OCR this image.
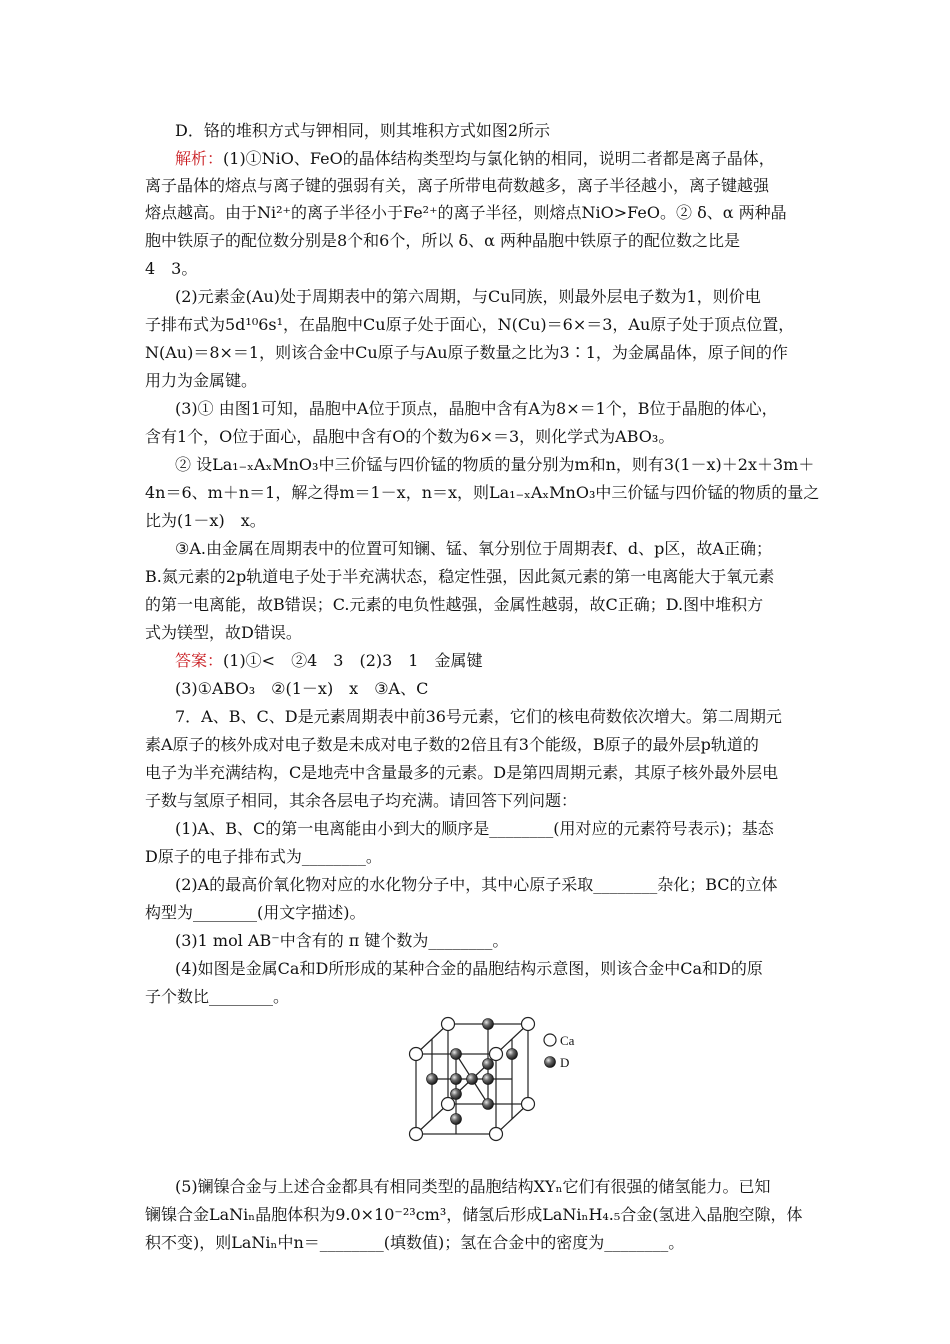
D．铬的堆积方式与钾相同，则其堆积方式如图2所示
解析：(1)①NiO、FeO的晶体结构类型均与氯化钠的相同，说明二者都是离子晶体，
离子晶体的熔点与离子键的强弱有关，离子所带电荷数越多，离子半径越小，离子键越强
熔点越高。由于Ni²⁺的离子半径小于Fe²⁺的离子半径，则熔点NiO>FeO。② δ、α 两种晶
胞中铁原子的配位数分别是8个和6个，所以 δ、α 两种晶胞中铁原子的配位数之比是
4　3。
(2)元素金(Au)处于周期表中的第六周期，与Cu同族，则最外层电子数为1，则价电
子排布式为5d¹⁰6s¹，在晶胞中Cu原子处于面心，N(Cu)＝6×＝3，Au原子处于顶点位置，
N(Au)＝8×＝1，则该合金中Cu原子与Au原子数量之比为3∶1，为金属晶体，原子间的作
用力为金属键。
(3)① 由图1可知，晶胞中A位于顶点，晶胞中含有A为8×＝1个，B位于晶胞的体心，
含有1个，O位于面心，晶胞中含有O的个数为6×＝3，则化学式为ABO₃。
② 设La₁₋ₓAₓMnO₃中三价锰与四价锰的物质的量分别为m和n，则有3(1－x)＋2x＋3m＋
4n＝6、m＋n＝1，解之得m＝1－x，n＝x，则La₁₋ₓAₓMnO₃中三价锰与四价锰的物质的量之
比为(1－x)　x。
③A.由金属在周期表中的位置可知镧、锰、氧分别位于周期表f、d、p区，故A正确；
B.氮元素的2p轨道电子处于半充满状态，稳定性强，因此氮元素的第一电离能大于氧元素
的第一电离能，故B错误；C.元素的电负性越强，金属性越弱，故C正确；D.图中堆积方
式为镁型，故D错误。
答案：(1)①<　②4　3　(2)3　1　金属键
(3)①ABO₃　②(1－x)　x　③A、C
7．A、B、C、D是元素周期表中前36号元素，它们的核电荷数依次增大。第二周期元
素A原子的核外成对电子数是未成对电子数的2倍且有3个能级，B原子的最外层p轨道的
电子为半充满结构，C是地壳中含量最多的元素。D是第四周期元素，其原子核外最外层电
子数与氢原子相同，其余各层电子均充满。请回答下列问题：
(1)A、B、C的第一电离能由小到大的顺序是________(用对应的元素符号表示)；基态
D原子的电子排布式为________。
(2)A的最高价氧化物对应的水化物分子中，其中心原子采取________杂化；BC的立体
构型为________(用文字描述)。
(3)1 mol AB⁻中含有的 π 键个数为________。
(4)如图是金属Ca和D所形成的某种合金的晶胞结构示意图，则该合金中Ca和D的原
子个数比________。
Ca
D
(5)镧镍合金与上述合金都具有相同类型的晶胞结构XYₙ它们有很强的储氢能力。已知
镧镍合金LaNiₙ晶胞体积为9.0×10⁻²³cm³，储氢后形成LaNiₙH₄.₅合金(氢进入晶胞空隙，体
积不变)，则LaNiₙ中n＝________(填数值)；氢在合金中的密度为________。
